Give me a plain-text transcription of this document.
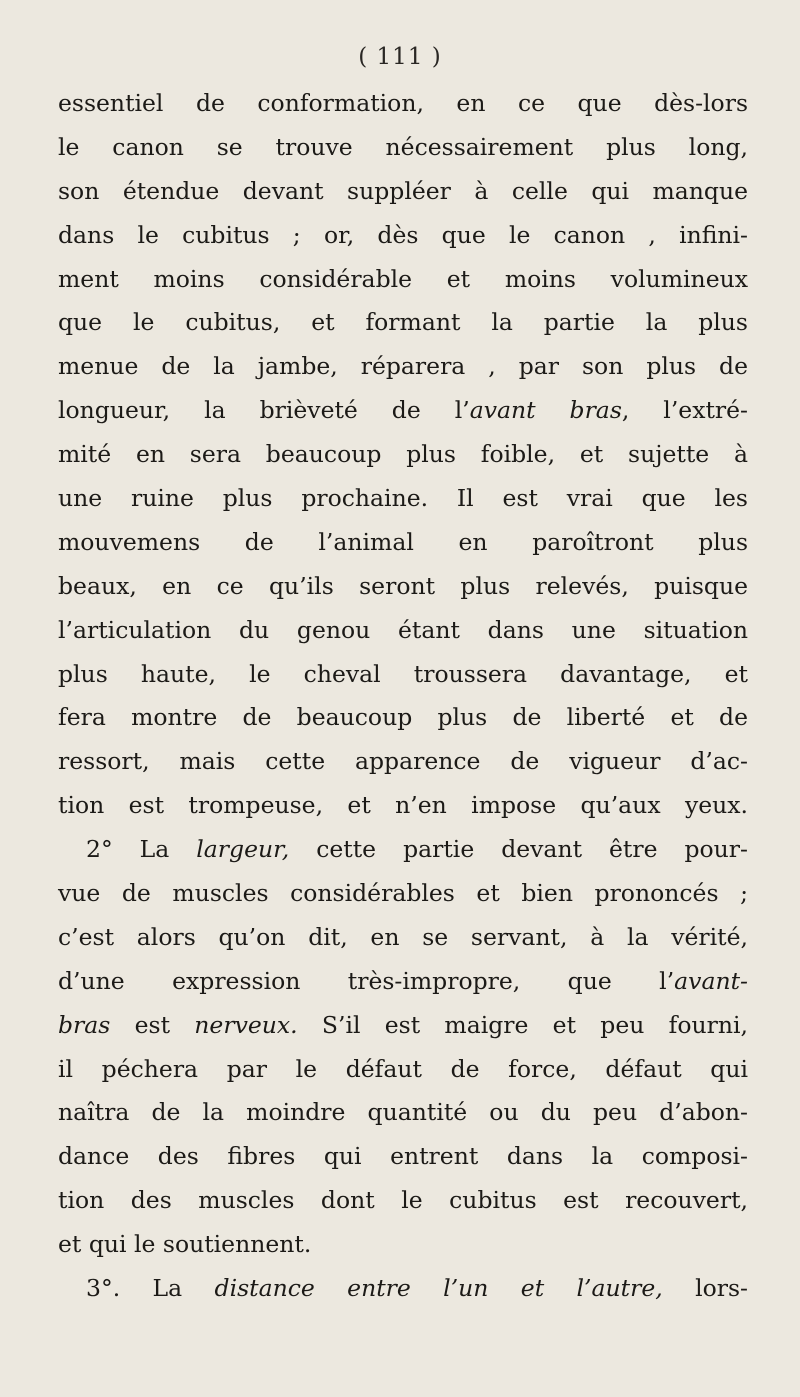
( 111 )
essentiel de conformation, en ce que dès-lors
le canon se trouve nécessairement plus long,
son étendue devant suppléer à celle qui manque
dans le cubitus ; or, dès que le canon , infini-
ment moins considérable et moins volumineux
que le cubitus, et formant la partie la plus
menue de la jambe, réparera , par son plus de
longueur, la brièveté de l’avant bras, l’extré-
mité en sera beaucoup plus foible, et sujette à
une ruine plus prochaine. Il est vrai que les
mouvemens de l’animal en paroîtront plus
beaux, en ce qu’ils seront plus relevés, puisque
l’articulation du genou étant dans une situation
plus haute, le cheval troussera davantage, et
fera montre de beaucoup plus de liberté et de
ressort, mais cette apparence de vigueur d’ac-
tion est trompeuse, et n’en impose qu’aux yeux.
2° La largeur, cette partie devant être pour-
vue de muscles considérables et bien prononcés ;
c’est alors qu’on dit, en se servant, à la vérité,
d’une expression très-impropre, que l’avant-
bras est nerveux. S’il est maigre et peu fourni,
il péchera par le défaut de force, défaut qui
naîtra de la moindre quantité ou du peu d’abon-
dance des fibres qui entrent dans la composi-
tion des muscles dont le cubitus est recouvert,
et qui le soutiennent.
3°. La distance entre l’un et l’autre, lors-
